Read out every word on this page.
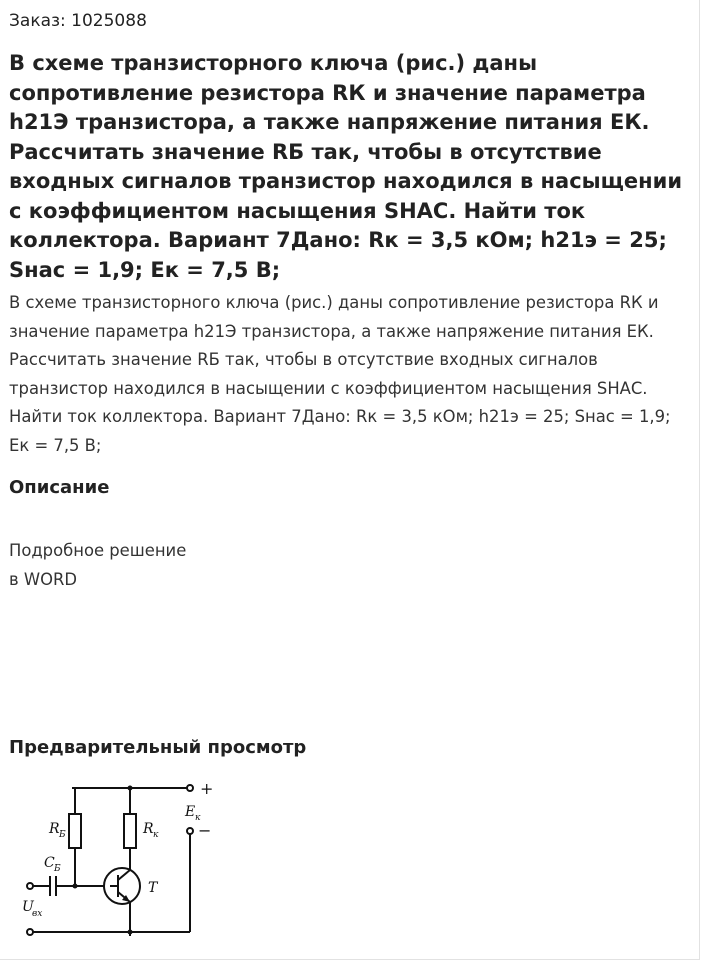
Заказ: 1025088
В схеме транзисторного ключа (рис.) даны сопротивление резистора RК и значение параметра h21Э транзистора, а также напряжение питания ЕК. Рассчитать значение RБ так, чтобы в отсутствие входных сигналов транзистор находился в насыщении с коэффициентом насыщения SНАС. Найти ток коллектора. Вариант 7Дано: Rк = 3,5 кОм; h21э = 25; Sнас = 1,9; Ек = 7,5 В;

В схеме транзисторного ключа (рис.) даны сопротивление резистора RК и значение параметра h21Э транзистора, а также напряжение питания ЕК. Рассчитать значение RБ так, чтобы в отсутствие входных сигналов транзистор находился в насыщении с коэффициентом насыщения SНАС. Найти ток коллектора. Вариант 7Дано: Rк = 3,5 кОм; h21э = 25; Sнас = 1,9; Ек = 7,5 В;

Описание

Подробное решение
в WORD

Предварительный просмотр
+
−
E к
R Б	R к
C Б
T
U
вх
